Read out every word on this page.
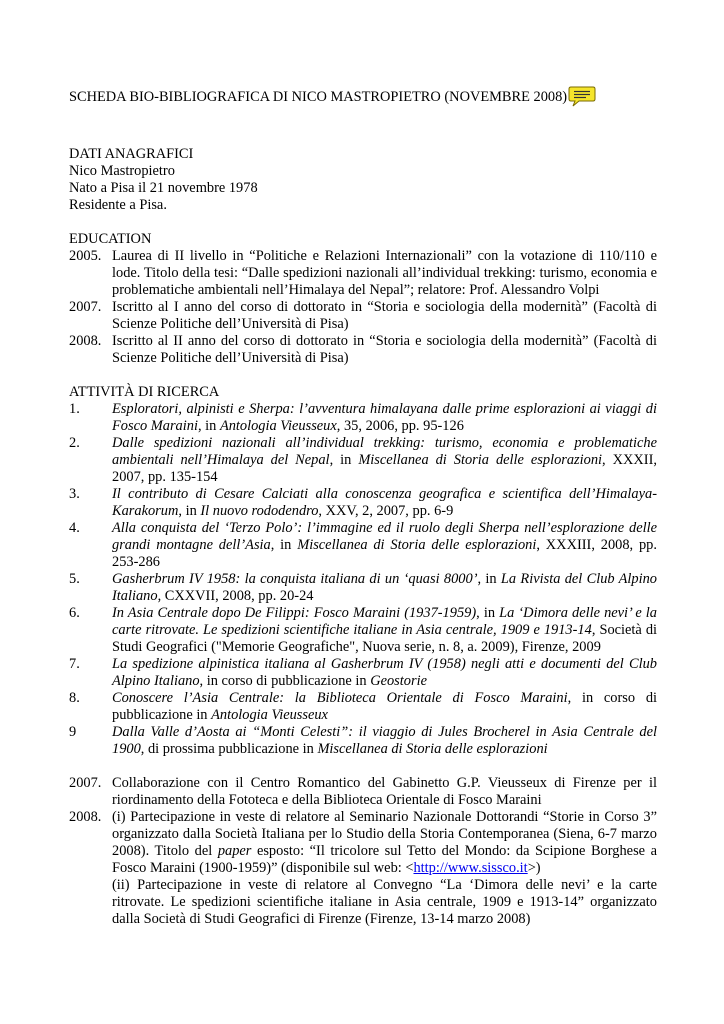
SCHEDA BIO-BIBLIOGRAFICA DI NICO MASTROPIETRO (NOVEMBRE 2008)

DATI ANAGRAFICI

Nico Mastropietro

Nato a Pisa il 21 novembre 1978

Residente a Pisa.

EDUCATION

2005. Laurea di II livello in “Politiche e Relazioni Internazionali” con la votazione di 110/110 e lode. Titolo della tesi: “Dalle spedizioni nazionali all’individual trekking: turismo, economia e problematiche ambientali nell’Himalaya del Nepal”; relatore: Prof. Alessandro Volpi
2007. Iscritto al I anno del corso di dottorato in “Storia e sociologia della modernità” (Facoltà di Scienze Politiche dell’Università di Pisa)
2008. Iscritto al II anno del corso di dottorato in “Storia e sociologia della modernità” (Facoltà di Scienze Politiche dell’Università di Pisa)

ATTIVITÀ DI RICERCA

1.	Esploratori, alpinisti e Sherpa: l’avventura himalayana dalle prime esplorazioni ai viaggi di Fosco Maraini, in Antologia Vieusseux, 35, 2006, pp. 95-126
2.	Dalle spedizioni nazionali all’individual trekking: turismo, economia e problematiche ambientali nell’Himalaya del Nepal, in Miscellanea di Storia delle esplorazioni, XXXII, 2007, pp. 135-154
3.	Il contributo di Cesare Calciati alla conoscenza geografica e scientifica dell’Himalaya-Karakorum, in Il nuovo rododendro, XXV, 2, 2007, pp. 6-9
4.	Alla conquista del ‘Terzo Polo’: l’immagine ed il ruolo degli Sherpa nell’esplorazione delle grandi montagne dell’Asia, in Miscellanea di Storia delle esplorazioni, XXXIII, 2008, pp. 253-286
5.	Gasherbrum IV 1958: la conquista italiana di un ‘quasi 8000’, in La Rivista del Club Alpino Italiano, CXXVII, 2008, pp. 20-24
6.	In Asia Centrale dopo De Filippi: Fosco Maraini (1937-1959), in La ‘Dimora delle nevi’ e la carte ritrovate. Le spedizioni scientifiche italiane in Asia centrale, 1909 e 1913-14, Società di Studi Geografici ("Memorie Geografiche", Nuova serie, n. 8, a. 2009), Firenze, 2009
7.	La spedizione alpinistica italiana al Gasherbrum IV (1958) negli atti e documenti del Club Alpino Italiano, in corso di pubblicazione in Geostorie
8.	Conoscere l’Asia Centrale: la Biblioteca Orientale di Fosco Maraini, in corso di pubblicazione in Antologia Vieusseux
9	Dalla Valle d’Aosta ai “Monti Celesti”: il viaggio di Jules Brocherel in Asia Centrale del 1900, di prossima pubblicazione in Miscellanea di Storia delle esplorazioni
2007. Collaborazione con il Centro Romantico del Gabinetto G.P. Vieusseux di Firenze per il riordinamento della Fototeca e della Biblioteca Orientale di Fosco Maraini
2008. (i) Partecipazione in veste di relatore al Seminario Nazionale Dottorandi “Storie in Corso 3” organizzato dalla Società Italiana per lo Studio della Storia Contemporanea (Siena, 6-7 marzo 2008). Titolo del paper esposto: “Il tricolore sul Tetto del Mondo: da Scipione Borghese a Fosco Maraini (1900-1959)” (disponibile sul web: <http://www.sissco.it>)

(ii) Partecipazione in veste di relatore al Convegno “La ‘Dimora delle nevi’ e la carte ritrovate. Le spedizioni scientifiche italiane in Asia centrale, 1909 e 1913-14” organizzato dalla Società di Studi Geografici di Firenze (Firenze, 13-14 marzo 2008)
